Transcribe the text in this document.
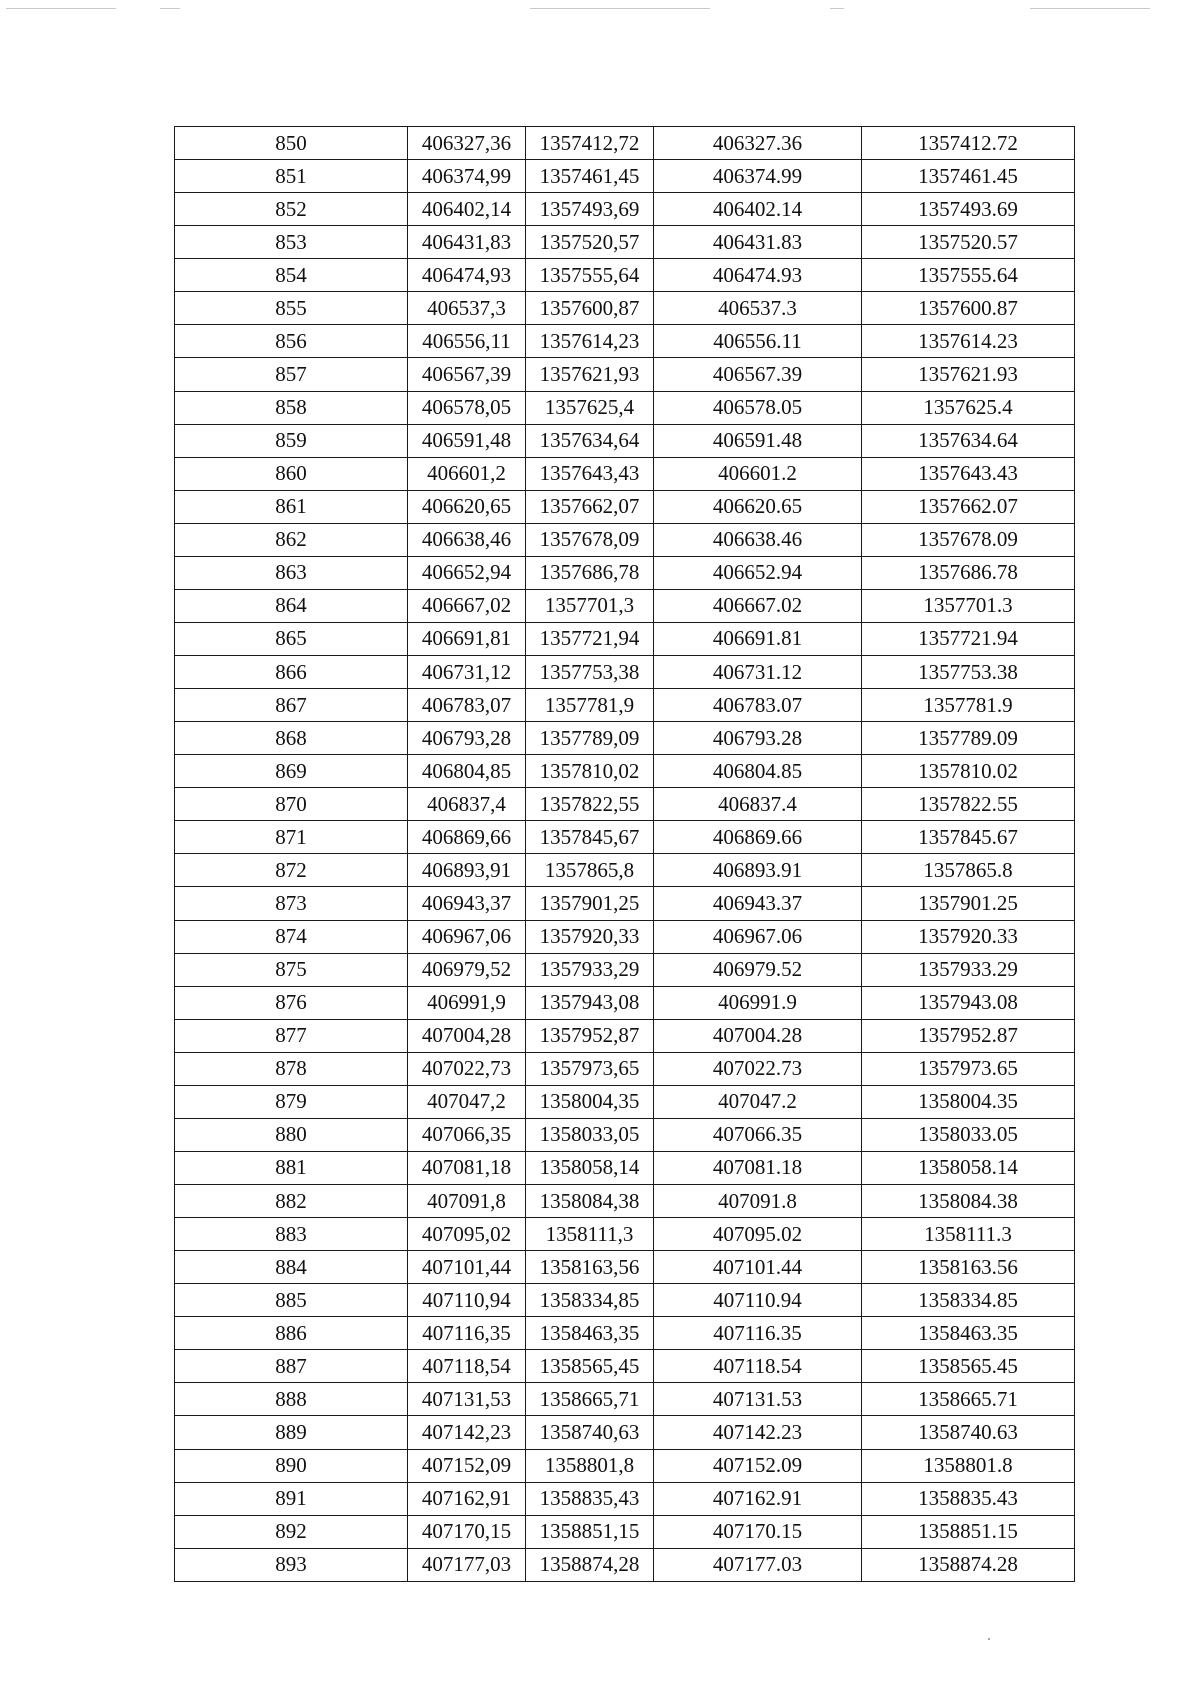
850	406327,36	1357412,72	406327.36	1357412.72
851	406374,99	1357461,45	406374.99	1357461.45
852	406402,14	1357493,69	406402.14	1357493.69
853	406431,83	1357520,57	406431.83	1357520.57
854	406474,93	1357555,64	406474.93	1357555.64
855	406537,3	1357600,87	406537.3	1357600.87
856	406556,11	1357614,23	406556.11	1357614.23
857	406567,39	1357621,93	406567.39	1357621.93
858	406578,05	1357625,4	406578.05	1357625.4
859	406591,48	1357634,64	406591.48	1357634.64
860	406601,2	1357643,43	406601.2	1357643.43
861	406620,65	1357662,07	406620.65	1357662.07
862	406638,46	1357678,09	406638.46	1357678.09
863	406652,94	1357686,78	406652.94	1357686.78
864	406667,02	1357701,3	406667.02	1357701.3
865	406691,81	1357721,94	406691.81	1357721.94
866	406731,12	1357753,38	406731.12	1357753.38
867	406783,07	1357781,9	406783.07	1357781.9
868	406793,28	1357789,09	406793.28	1357789.09
869	406804,85	1357810,02	406804.85	1357810.02
870	406837,4	1357822,55	406837.4	1357822.55
871	406869,66	1357845,67	406869.66	1357845.67
872	406893,91	1357865,8	406893.91	1357865.8
873	406943,37	1357901,25	406943.37	1357901.25
874	406967,06	1357920,33	406967.06	1357920.33
875	406979,52	1357933,29	406979.52	1357933.29
876	406991,9	1357943,08	406991.9	1357943.08
877	407004,28	1357952,87	407004.28	1357952.87
878	407022,73	1357973,65	407022.73	1357973.65
879	407047,2	1358004,35	407047.2	1358004.35
880	407066,35	1358033,05	407066.35	1358033.05
881	407081,18	1358058,14	407081.18	1358058.14
882	407091,8	1358084,38	407091.8	1358084.38
883	407095,02	1358111,3	407095.02	1358111.3
884	407101,44	1358163,56	407101.44	1358163.56
885	407110,94	1358334,85	407110.94	1358334.85
886	407116,35	1358463,35	407116.35	1358463.35
887	407118,54	1358565,45	407118.54	1358565.45
888	407131,53	1358665,71	407131.53	1358665.71
889	407142,23	1358740,63	407142.23	1358740.63
890	407152,09	1358801,8	407152.09	1358801.8
891	407162,91	1358835,43	407162.91	1358835.43
892	407170,15	1358851,15	407170.15	1358851.15
893	407177,03	1358874,28	407177.03	1358874.28
